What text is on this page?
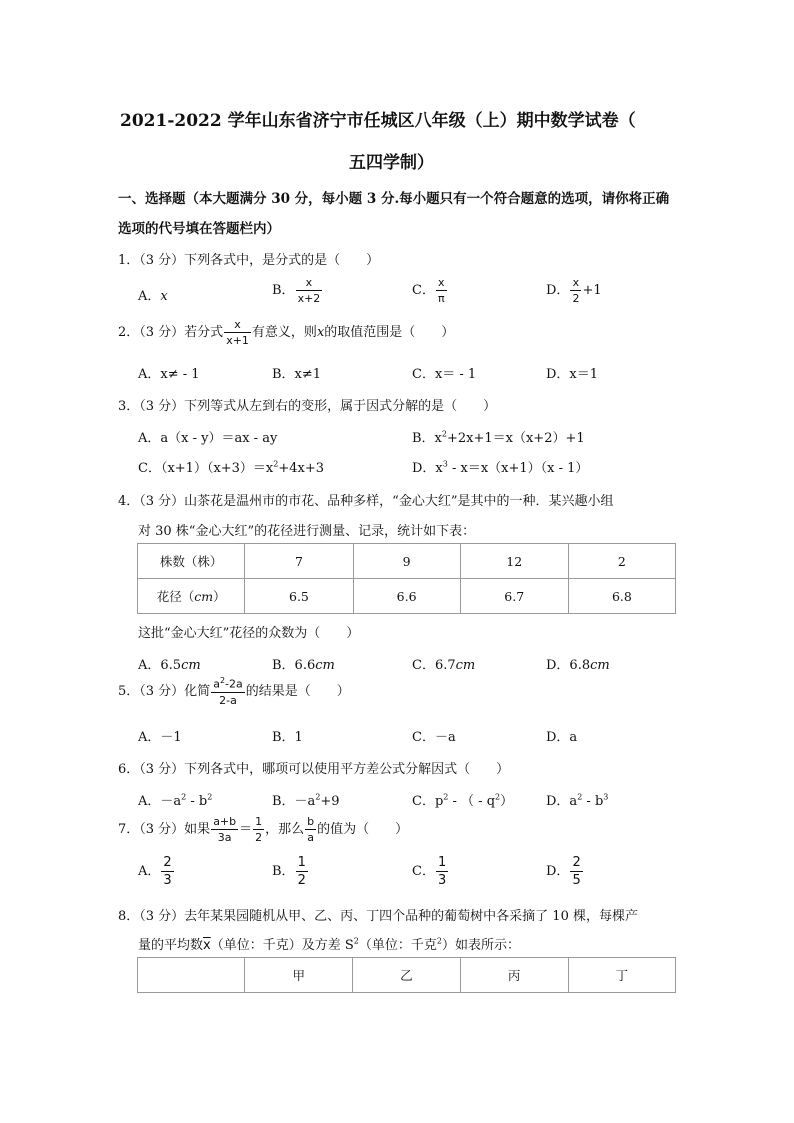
2021-2022 学年山东省济宁市任城区八年级（上）期中数学试卷（
五四学制）
一、选择题（本大题满分 30 分，每小题 3 分.每小题只有一个符合题意的选项，请你将正确
选项的代号填在答题栏内）
1．（3 分）下列各式中，是分式的是（　　）
A．x	B． $\frac{x}{x+2}$	C． $\frac{x}{\pi}$	D． $\frac{x}{2} +1$
2．（3 分）若分式 $\frac{x}{x+1}$ 有意义，则x的取值范围是（　　）
A．x≠ - 1	B．x≠1	C．x＝ - 1	D．x＝1
3．（3 分）下列等式从左到右的变形，属于因式分解的是（　　）
A．a（x - y）＝ax - ay	B．$x^2+2x+1=x(x+2)+1$
C．$(x+1)(x+3)=x^2+4x+3$	D．$x^3 - x=x(x+1)(x - 1)$
4．（3 分）山茶花是温州市的市花、品种多样，“金心大红”是其中的一种．某兴趣小组
对 30 株“金心大红”的花径进行测量、记录，统计如下表：
株数（株）	7	9	12	2
花径（cm）	6.5	6.6	6.7	6.8
这批“金心大红”花径的众数为（　　）
A．6.5cm	B．6.6cm	C．6.7cm	D．6.8cm
5．（3 分）化简 $\frac{a^2-2a}{2-a}$ 的结果是（　　）
A．－1	B．1	C．－a	D．a
6．（3 分）下列各式中，哪项可以使用平方差公式分解因式（　　）
A．$-a^2 - b^2$	B．$-a^2+9$	C．$p^2$ - （ - $q^2$）	D．$a^2 - b^3$
7．（3 分）如果 $\frac{a+b}{3a} = \frac{1}{2}$ ，那么 $\frac{b}{a}$ 的值为（　　）
A． $\frac{2}{3}$	B． $\frac{1}{2}$	C． $\frac{1}{3}$	D． $\frac{2}{5}$
8．（3 分）去年某果园随机从甲、乙、丙、丁四个品种的葡萄树中各采摘了 10 棵，每棵产
量的平均数$\overline{x}$（单位：千克）及方差 $S^2$（单位：千克$^2$）如表所示：
	甲	乙	丙	丁
